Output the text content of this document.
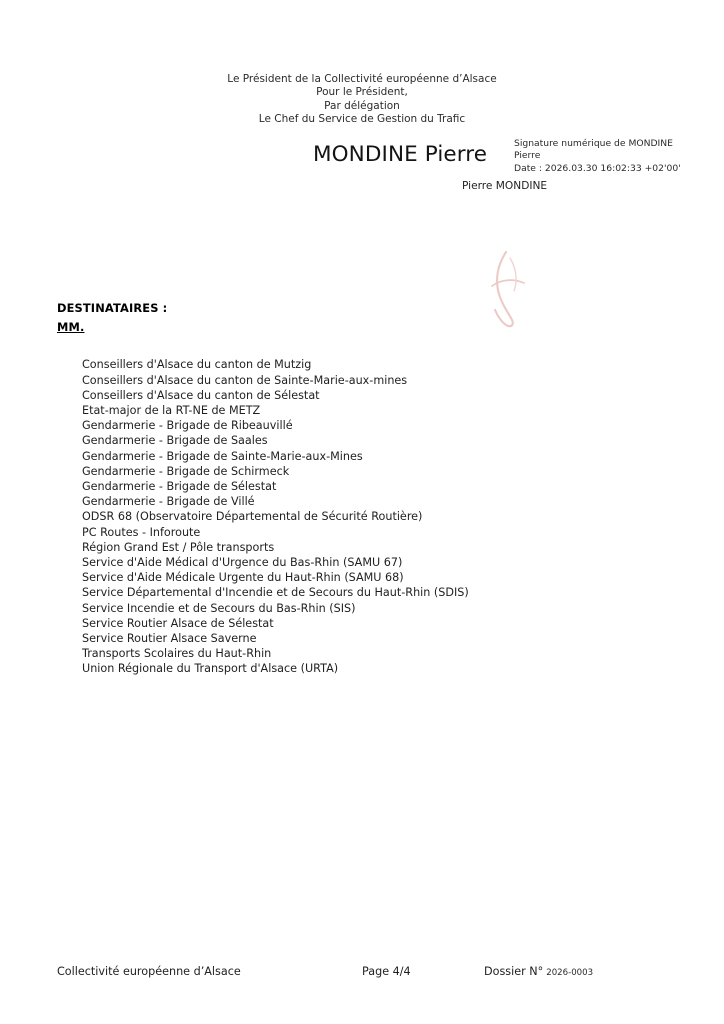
Le Président de la Collectivité européenne d’Alsace
Pour le Président,
Par délégation
Le Chef du Service de Gestion du Trafic
MONDINE Pierre	Signature numérique de MONDINE
Pierre
Date : 2026.03.30 16:02:33 +02'00'
Pierre MONDINE
DESTINATAIRES :
MM.
Conseillers d'Alsace du canton de Mutzig
Conseillers d'Alsace du canton de Sainte-Marie-aux-mines
Conseillers d'Alsace du canton de Sélestat
Etat-major de la RT-NE de METZ
Gendarmerie - Brigade de Ribeauvillé
Gendarmerie - Brigade de Saales
Gendarmerie - Brigade de Sainte-Marie-aux-Mines
Gendarmerie - Brigade de Schirmeck
Gendarmerie - Brigade de Sélestat
Gendarmerie - Brigade de Villé
ODSR 68 (Observatoire Départemental de Sécurité Routière)
PC Routes - Inforoute
Région Grand Est / Pôle transports
Service d'Aide Médical d'Urgence du Bas-Rhin (SAMU 67)
Service d'Aide Médicale Urgente du Haut-Rhin (SAMU 68)
Service Départemental d'Incendie et de Secours du Haut-Rhin (SDIS)
Service Incendie et de Secours du Bas-Rhin (SIS)
Service Routier Alsace de Sélestat
Service Routier Alsace Saverne
Transports Scolaires du Haut-Rhin
Union Régionale du Transport d'Alsace (URTA)
Collectivité européenne d’Alsace	Page 4/4	Dossier N° 2026-0003
